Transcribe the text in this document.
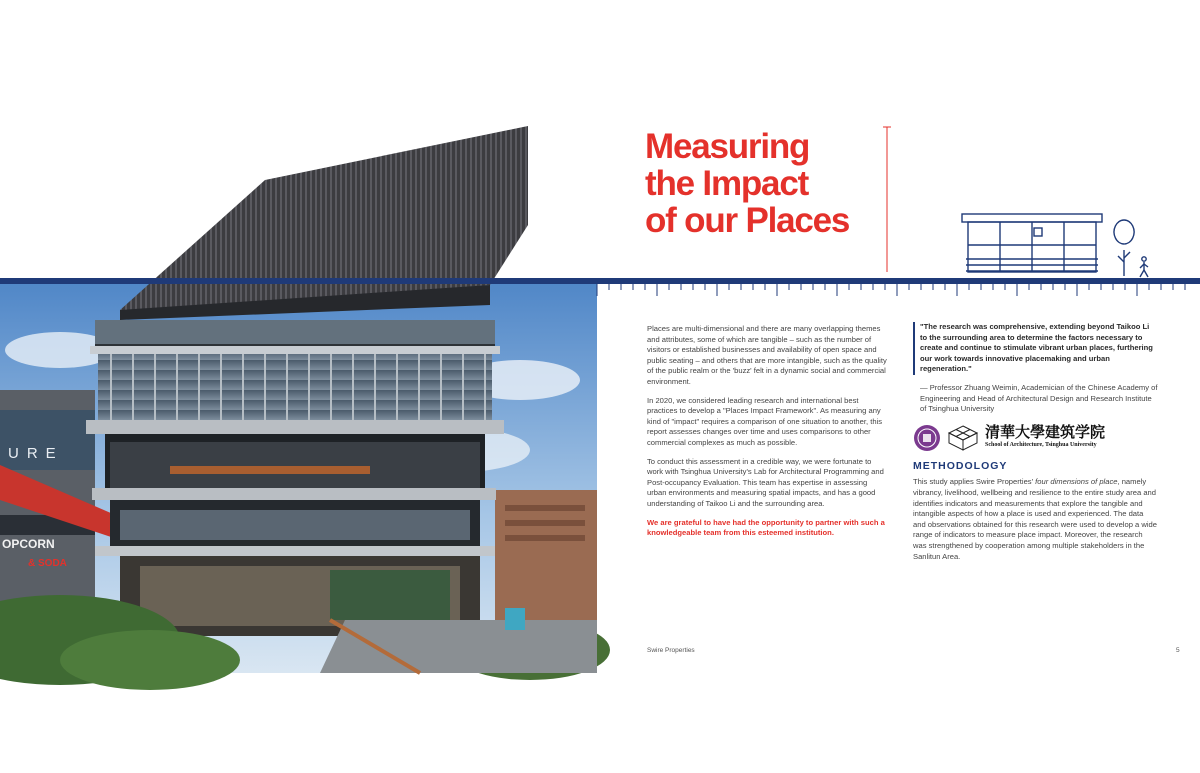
URE
OPCORN
& SODA
The Creative Transformation of Taikoo Li Sanlitun
Measuring
the Impact
of our Places

Places are multi-dimensional and there are many overlapping themes and attributes, some of which are tangible – such as the number of visitors or established businesses and availability of open space and public seating – and others that are more intangible, such as the quality of the public realm or the 'buzz' felt in a dynamic social and commercial environment.

In 2020, we considered leading research and international best practices to develop a "Places Impact Framework". As measuring any kind of "impact" requires a comparison of one situation to another, this report assesses changes over time and uses comparisons to other commercial complexes as much as possible.

To conduct this assessment in a credible way, we were fortunate to work with Tsinghua University's Lab for Architectural Programming and Post-occupancy Evaluation. This team has expertise in assessing urban environments and measuring spatial impacts, and has a good understanding of Taikoo Li and the surrounding area.

We are grateful to have had the opportunity to partner with such a knowledgeable team from this esteemed institution.

"The research was comprehensive, extending beyond Taikoo Li to the surrounding area to determine the factors necessary to create and continue to stimulate vibrant urban places, furthering our work towards innovative placemaking and urban regeneration."

— Professor Zhuang Weimin, Academician of the Chinese Academy of Engineering and Head of Architectural Design and Research Institute of Tsinghua University

清華大學建筑学院
School of Architecture, Tsinghua University
METHODOLOGY

This study applies Swire Properties' four dimensions of place, namely vibrancy, livelihood, wellbeing and resilience to the entire study area and identifies indicators and measurements that explore the tangible and intangible aspects of how a place is used and experienced. The data and observations obtained for this research were used to develop a wide range of indicators to measure place impact. Moreover, the research was strengthened by cooperation among multiple stakeholders in the Sanlitun Area.

Swire Properties	5
